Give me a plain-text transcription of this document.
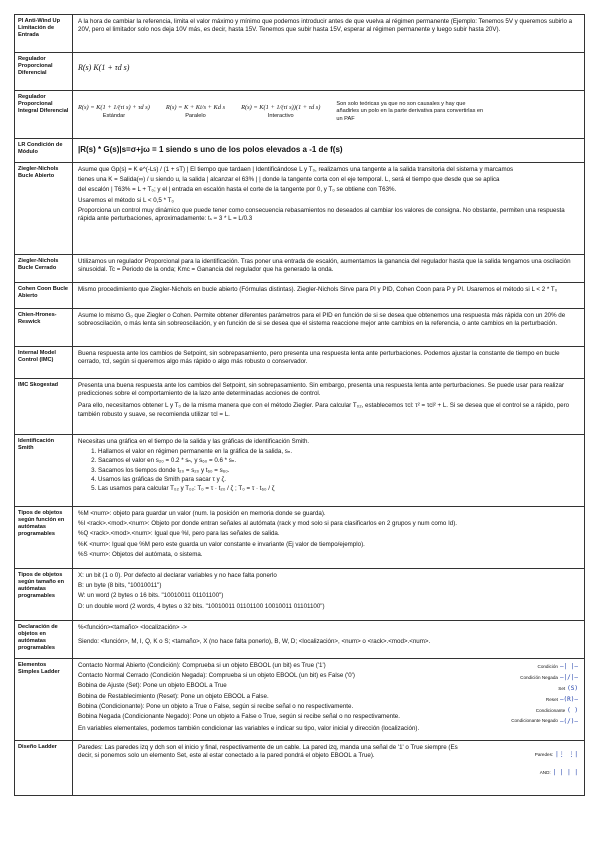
PI Anti-Wind Up Limitación de Entrada

A la hora de cambiar la referencia, limita el valor máximo y mínimo que podemos introducir antes de que vuelva al régimen permanente (Ejemplo: Tenemos 5V y queremos subirlo a 20V, pero el limitador solo nos deja 10V más, es decir, hasta 15V. Tenemos que subir hasta 15V, esperar al régimen permanente y luego subir hasta 20V).

Regulador Proporcional Diferencial
R(s) K(1 + τd s)
Regulador Proporcional Integral Diferencial
R(s) = K(1 + 1/(τi s) + τd s)
Estándar
R(s) = K + Ki/s + Kd s
Paralelo
R(s) = K(1 + 1/(τi s))(1 + τd s)
Interactivo
Son solo teóricas ya que no son causales y hay que añadirles un polo en la parte derivativa para convertirlas en un PAF
LR Condición de Módulo	|R(s) * G(s)|s=σ+jω = 1 siendo s uno de los polos elevados a -1 de f(s)
Ziegler-Nichols Bucle Abierto

Asume que Gp(s) = K e^(-Ls) / (1 + sT) | El tiempo que tardaen | Identificándose L y T₀, realizamos una tangente a la salida transitoria del sistema y marcamos

tienes una K = Salida(∞) / u siendo u, la salida | alcanzar el 63% | | donde la tangente corta con el eje temporal. L, será el tiempo que desde que se aplica

del escalón | T63% = L + T₀; y el | entrada en escalón hasta el corte de la tangente por 0, y T₀ se obtiene con T63%.

Usaremos el método si L < 0,5 * T₀

Proporciona un control muy dinámico que puede tener como consecuencia rebasamientos no deseados al cambiar los valores de consigna. No obstante, permiten una respuesta rápida ante perturbaciones, aproximadamente: tₛ ≈ 3 * L = L/0.3

Ziegler-Nichols Bucle Cerrado

Utilizamos un regulador Proporcional para la identificación. Tras poner una entrada de escalón, aumentamos la ganancia del regulador hasta que la salida tengamos una oscilación sinusoidal. Tc = Periodo de la onda; Kmc = Ganancia del regulador que ha generado la onda.

Cohen Coon Bucle Abierto

Mismo procedimiento que Ziegler-Nichols en bucle abierto (Fórmulas distintas). Ziegler-Nichols Sirve para PI y PID, Cohen Coon para P y PI. Usaremos el método si L < 2 * T₀

Chien-Hrones-Reswick

Asume lo mismo G₀ que Ziegler o Cohen. Permite obtener diferentes parámetros para el PID en función de si se desea que obtenemos una respuesta más rápida con un 20% de sobreoscilación, o más lenta sin sobreoscilación, y en función de si se desea que el sistema reaccione mejor ante cambios en la referencia, o ante cambios en la perturbación.

Internal Model Control (IMC)

Buena respuesta ante los cambios de Setpoint, sin sobrepasamiento, pero presenta una respuesta lenta ante perturbaciones. Podemos ajustar la constante de tiempo en bucle cerrado, τcl, según si queremos algo más rápido o algo más robusto o conservador.

IMC Skogestad	Presenta una buena respuesta ante los cambios del Setpoint, sin sobrepasamiento. Sin embargo, presenta una respuesta lenta ante perturbaciones. Se puede usar para realizar predicciones sobre el comportamiento de la lazo ante determinadas acciones de control.

Para ello, necesitamos obtener L y T₀ de la misma manera que con el método Ziegler. Para calcular T₀₂, establecemos τcl: τ² = τcl² + L. Si se desea que el control se a rápido, pero también robusto y suave, se recomienda utilizar τcl = L.

Identificación Smith

Necesitas una gráfica en el tiempo de la salida y las gráficas de identificación Smith.

1. Hallamos el valor en régimen permanente en la gráfica de la salida, sₙ.
2. Sacamos el valor en s₂₀ = 0.2 * sₙ, y s₆₀ = 0.6 * sₙ.
3. Sacamos los tiempos donde t₂₀ = s₂₀ y t₆₀ = s₆₀.
4. Usamos las gráficas de Smith para sacar τ y ζ.
5. Las usamos para calcular T₀₂ y T₀₂: T₀ = τ · t₂₀ / ζ ; T₀ = τ · t₆₀ / ζ
Tipos de objetos según función en autómatas programables

%M <num>: objeto para guardar un valor (num. la posición en memoria donde se guarda).

%I <rack>.<mod>.<num>: Objeto por donde entran señales al autómata (rack y mod solo si para clasificarlos en 2 grupos y num como Id).

%Q <rack>.<mod>.<num>: Igual que %I, pero para las señales de salida.

%K <num>: Igual que %M pero este guarda un valor constante e invariante (Ej valor de tiempo/ejemplo).

%S <num>: Objetos del autómata, o sistema.

Tipos de objetos según tamaño en autómatas programables

X: un bit (1 o 0). Por defecto al declarar variables y no hace falta ponerlo

B: un byte (8 bits, "10010011")

W: un word (2 bytes o 16 bits. "10010011 01101100")

D: un double word (2 words, 4 bytes o 32 bits. "10010011 01101100 10010011 01101100")

Declaración de objetos en autómatas programables

%<función><tamaño> <localización> ->

Siendo: <función>, M, I, Q, K o S; <tamaño>, X (no hace falta ponerlo), B, W, D; <localización>, <num> o <rack>.<mod>.<num>.

Elementos Simples Ladder

Contacto Normal Abierto (Condición): Comprueba si un objeto EBOOL (un bit) es True ('1')

Contacto Normal Cerrado (Condición Negada): Comprueba si un objeto EBOOL (un bit) es False ('0')

Bobina de Ajuste (Set): Pone un objeto EBOOL a True

Bobina de Restablecimiento (Reset): Pone un objeto EBOOL a False.

Bobina (Condicionante): Pone un objeto a True o False, según si recibe señal o no respectivamente.

Bobina Negada (Condicionante Negado): Pone un objeto a False o True, según si recibe señal o no respectivamente.

En variables elementales, podemos también condicionar las variables e indicar su tipo, valor inicial y dirección (localización).

Condición —| |—
Condición Negada —|/|—
Set (S)
Reset —(R)—
Condicionante ( )
Condicionante Negado —(/)—
Diseño Ladder	Paredes: Las paredes izq y dch son el inicio y final, respectivamente de un cable. La pared izq, manda una señal de '1' o True siempre (Es decir, si ponemos solo un elemento Set, este al estar conectado a la pared pondrá el objeto EBOOL a True).	Paredes: |⋮ ⋮|
AND: | | | |
